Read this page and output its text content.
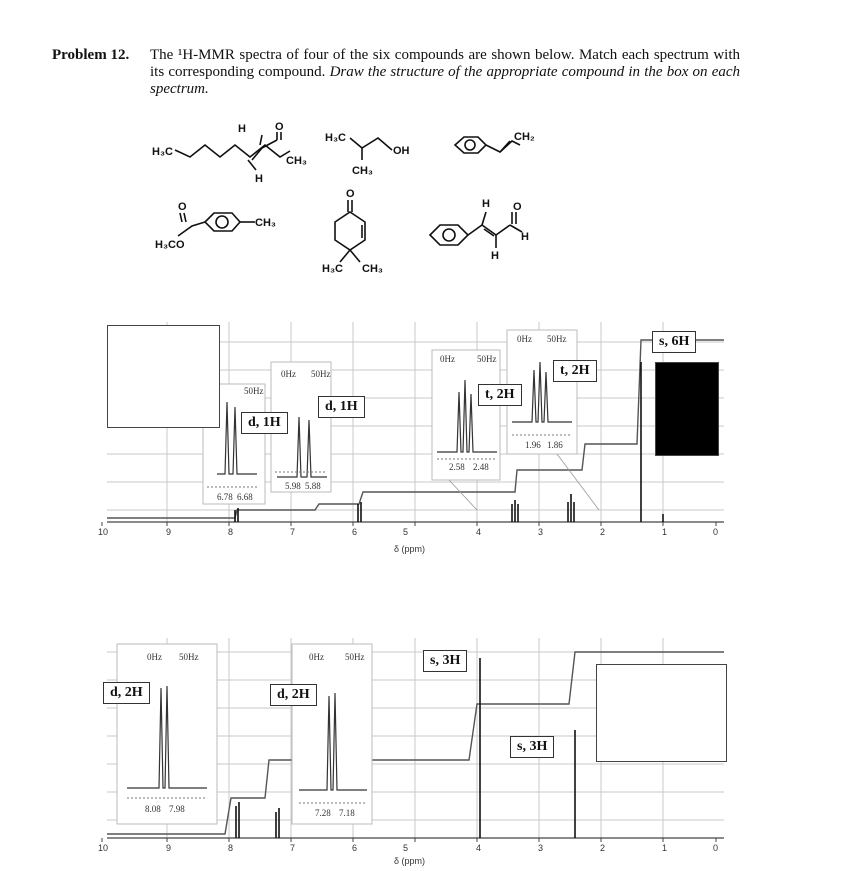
Problem 12. The ¹H-MMR spectra of four of the six compounds are shown below. Match each spectrum with its corresponding compound. Draw the structure of the appropriate compound in the box on each spectrum.
H₃C
H
H
O
CH₃
H₃C
OH
CH₃
CH₂
O
H₃CO
CH₃
O
H₃C CH₃
H O
H
H
10	9	8	7	6	5	4	3	2	1	0
δ (ppm)
50Hz
6.78 6.68
0Hz 50Hz
5.98 5.88
0Hz 50Hz
2.58 2.48
0Hz 50Hz
1.96 1.86
d, 1H
d, 1H
t, 2H
t, 2H
s, 6H
10	9	8	7	6	5	4	3	2	1	0
δ (ppm)
0Hz 50Hz
8.08 7.98
0Hz 50Hz
7.28 7.18
d, 2H	d, 2H
s, 3H
s, 3H
